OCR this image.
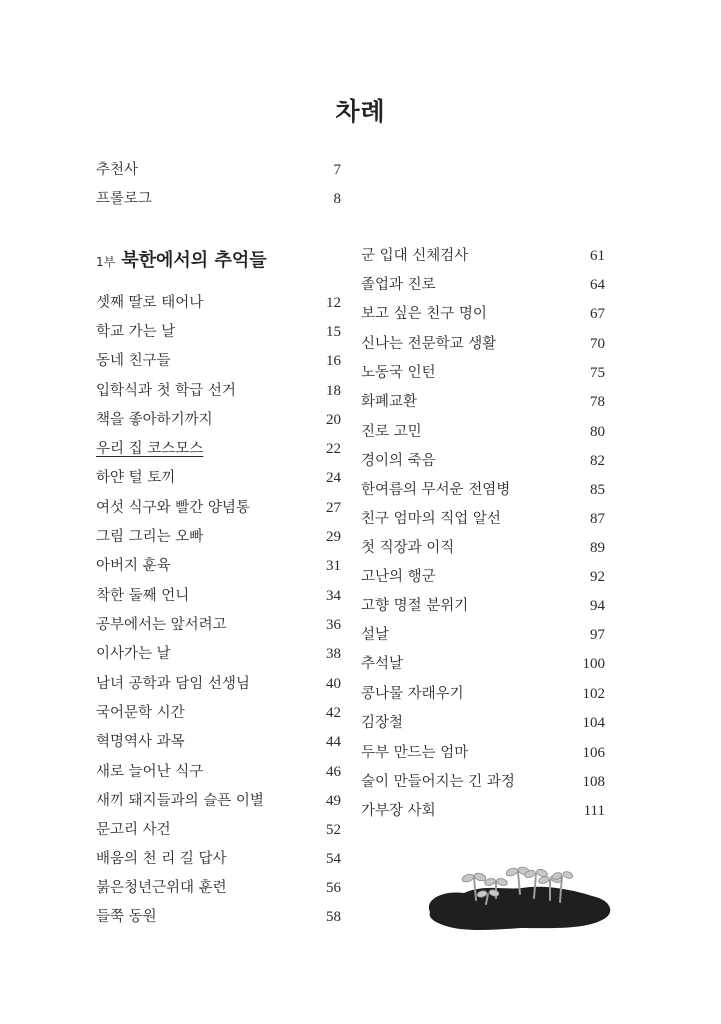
차례
추천사	7
프롤로그	8
1부 북한에서의 추억들
셋째 딸로 태어나	12
학교 가는 날	15
동네 친구들	16
입학식과 첫 학급 선거	18
책을 좋아하기까지	20
우리 집 코스모스	22
하얀 털 토끼	24
여섯 식구와 빨간 양념통	27
그림 그리는 오빠	29
아버지 훈육	31
착한 둘째 언니	34
공부에서는 앞서려고	36
이사가는 날	38
남녀 공학과 담임 선생님	40
국어문학 시간	42
혁명역사 과목	44
새로 늘어난 식구	46
새끼 돼지들과의 슬픈 이별	49
문고리 사건	52
배움의 천 리 길 답사	54
붉은청년근위대 훈련	56
들쭉 동원	58
군 입대 신체검사	61
졸업과 진로	64
보고 싶은 친구 명이	67
신나는 전문학교 생활	70
노동국 인턴	75
화폐교환	78
진로 고민	80
경이의 죽음	82
한여름의 무서운 전염병	85
친구 엄마의 직업 알선	87
첫 직장과 이직	89
고난의 행군	92
고향 명절 분위기	94
설날	97
추석날	100
콩나물 자래우기	102
김장철	104
두부 만드는 엄마	106
술이 만들어지는 긴 과정	108
가부장 사회	111
